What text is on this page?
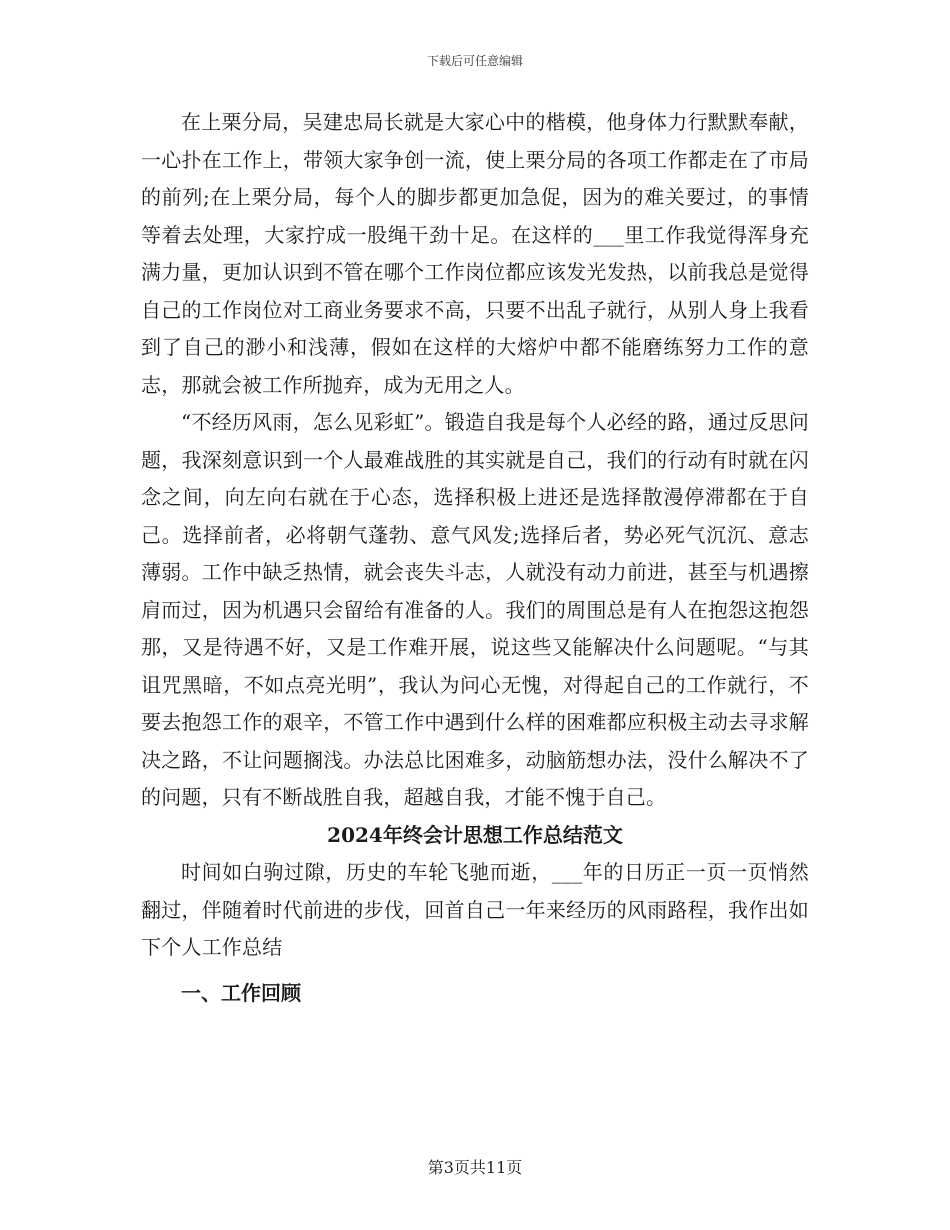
下载后可任意编辑

在上栗分局，吴建忠局长就是大家心中的楷模，他身体力行默默奉献，一心扑在工作上，带领大家争创一流，使上栗分局的各项工作都走在了市局的前列;在上栗分局，每个人的脚步都更加急促，因为的难关要过，的事情等着去处理，大家拧成一股绳干劲十足。在这样的___里工作我觉得浑身充满力量，更加认识到不管在哪个工作岗位都应该发光发热，以前我总是觉得自己的工作岗位对工商业务要求不高，只要不出乱子就行，从别人身上我看到了自己的渺小和浅薄，假如在这样的大熔炉中都不能磨练努力工作的意志，那就会被工作所抛弃，成为无用之人。

“不经历风雨，怎么见彩虹”。锻造自我是每个人必经的路，通过反思问题，我深刻意识到一个人最难战胜的其实就是自己，我们的行动有时就在闪念之间，向左向右就在于心态，选择积极上进还是选择散漫停滞都在于自己。选择前者，必将朝气蓬勃、意气风发;选择后者，势必死气沉沉、意志薄弱。工作中缺乏热情，就会丧失斗志，人就没有动力前进，甚至与机遇擦肩而过，因为机遇只会留给有准备的人。我们的周围总是有人在抱怨这抱怨那，又是待遇不好，又是工作难开展，说这些又能解决什么问题呢。“与其诅咒黑暗，不如点亮光明”，我认为问心无愧，对得起自己的工作就行，不要去抱怨工作的艰辛，不管工作中遇到什么样的困难都应积极主动去寻求解决之路，不让问题搁浅。办法总比困难多，动脑筋想办法，没什么解决不了的问题，只有不断战胜自我，超越自我，才能不愧于自己。

2024年终会计思想工作总结范文

时间如白驹过隙，历史的车轮飞驰而逝，___年的日历正一页一页悄然翻过，伴随着时代前进的步伐，回首自己一年来经历的风雨路程，我作出如下个人工作总结

一、工作回顾

第3页共11页
